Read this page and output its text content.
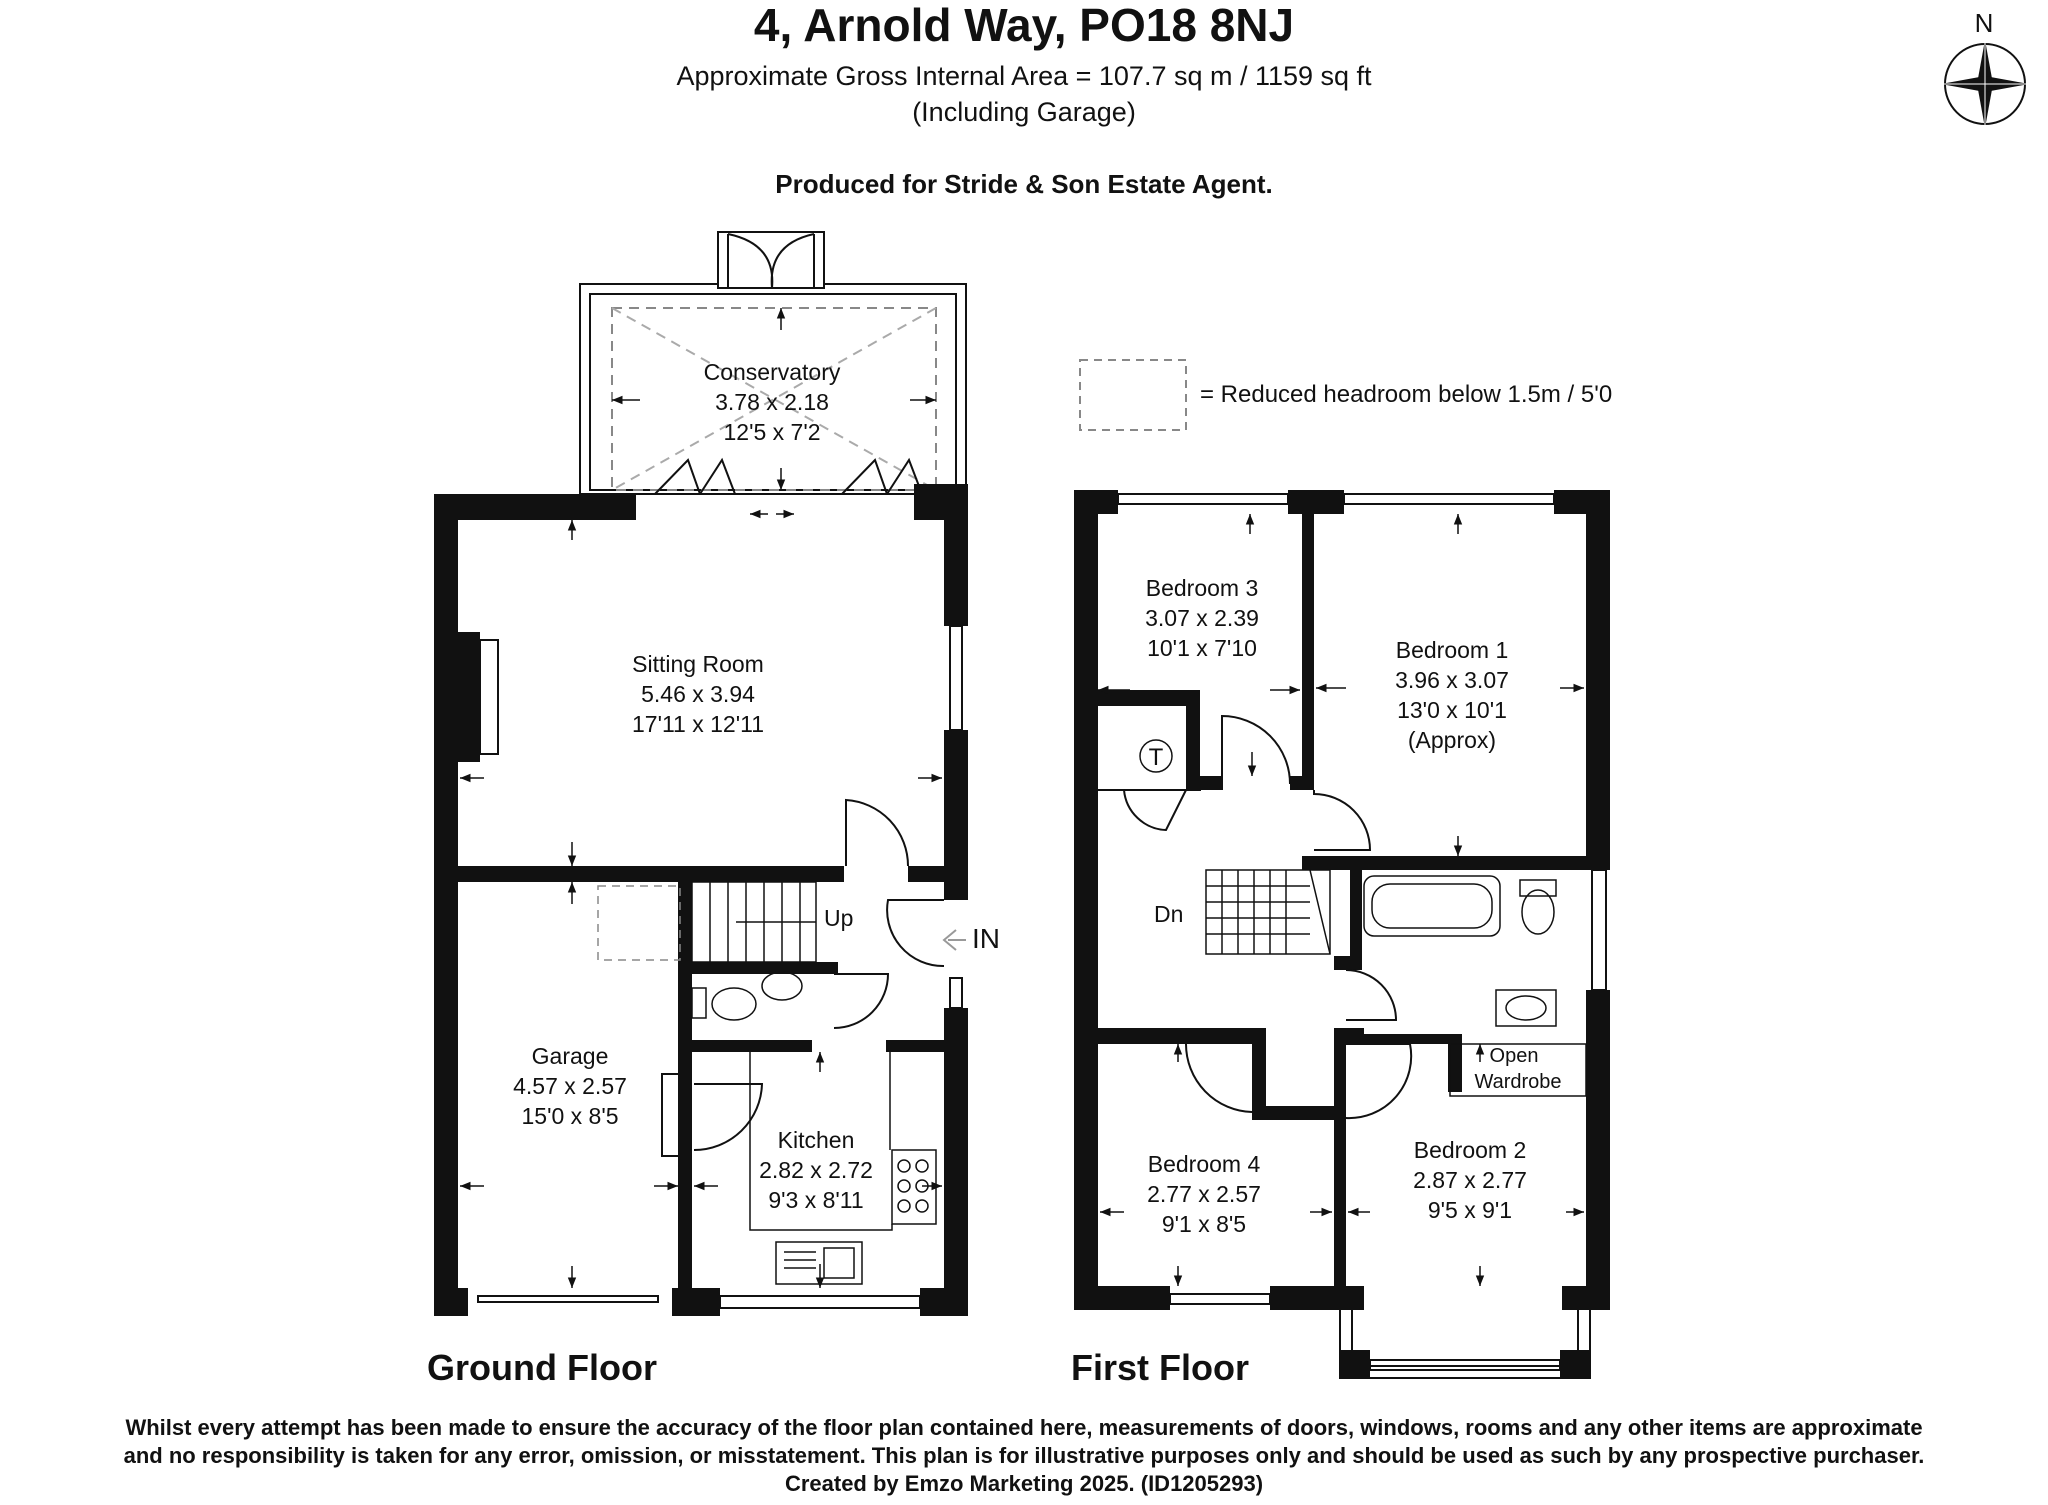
4, Arnold Way, PO18 8NJ
Approximate Gross Internal Area = 107.7 sq m / 1159 sq ft
(Including Garage)
Produced for Stride & Son Estate Agent.
N
= Reduced headroom below 1.5m / 5'0
Conservatory
3.78 x 2.18
12'5 x 7'2
Sitting Room
5.46 x 3.94
17'11 x 12'11
Garage
4.57 x 2.57
15'0 x 8'5
Kitchen
2.82 x 2.72
9'3 x 8'11
Up
IN
Ground Floor
T
Dn
Bedroom 3
3.07 x 2.39
10'1 x 7'10	Bedroom 1
3.96 x 3.07
13'0 x 10'1
(Approx)
Bedroom 4
2.77 x 2.57
9'1 x 8'5
Bedroom 2
2.87 x 2.77
9'5 x 9'1
Open
Wardrobe
First Floor
Whilst every attempt has been made to ensure the accuracy of the floor plan contained here, measurements of doors, windows, rooms and any other items are approximate
and no responsibility is taken for any error, omission, or misstatement. This plan is for illustrative purposes only and should be used as such by any prospective purchaser.
Created by Emzo Marketing 2025. (ID1205293)
